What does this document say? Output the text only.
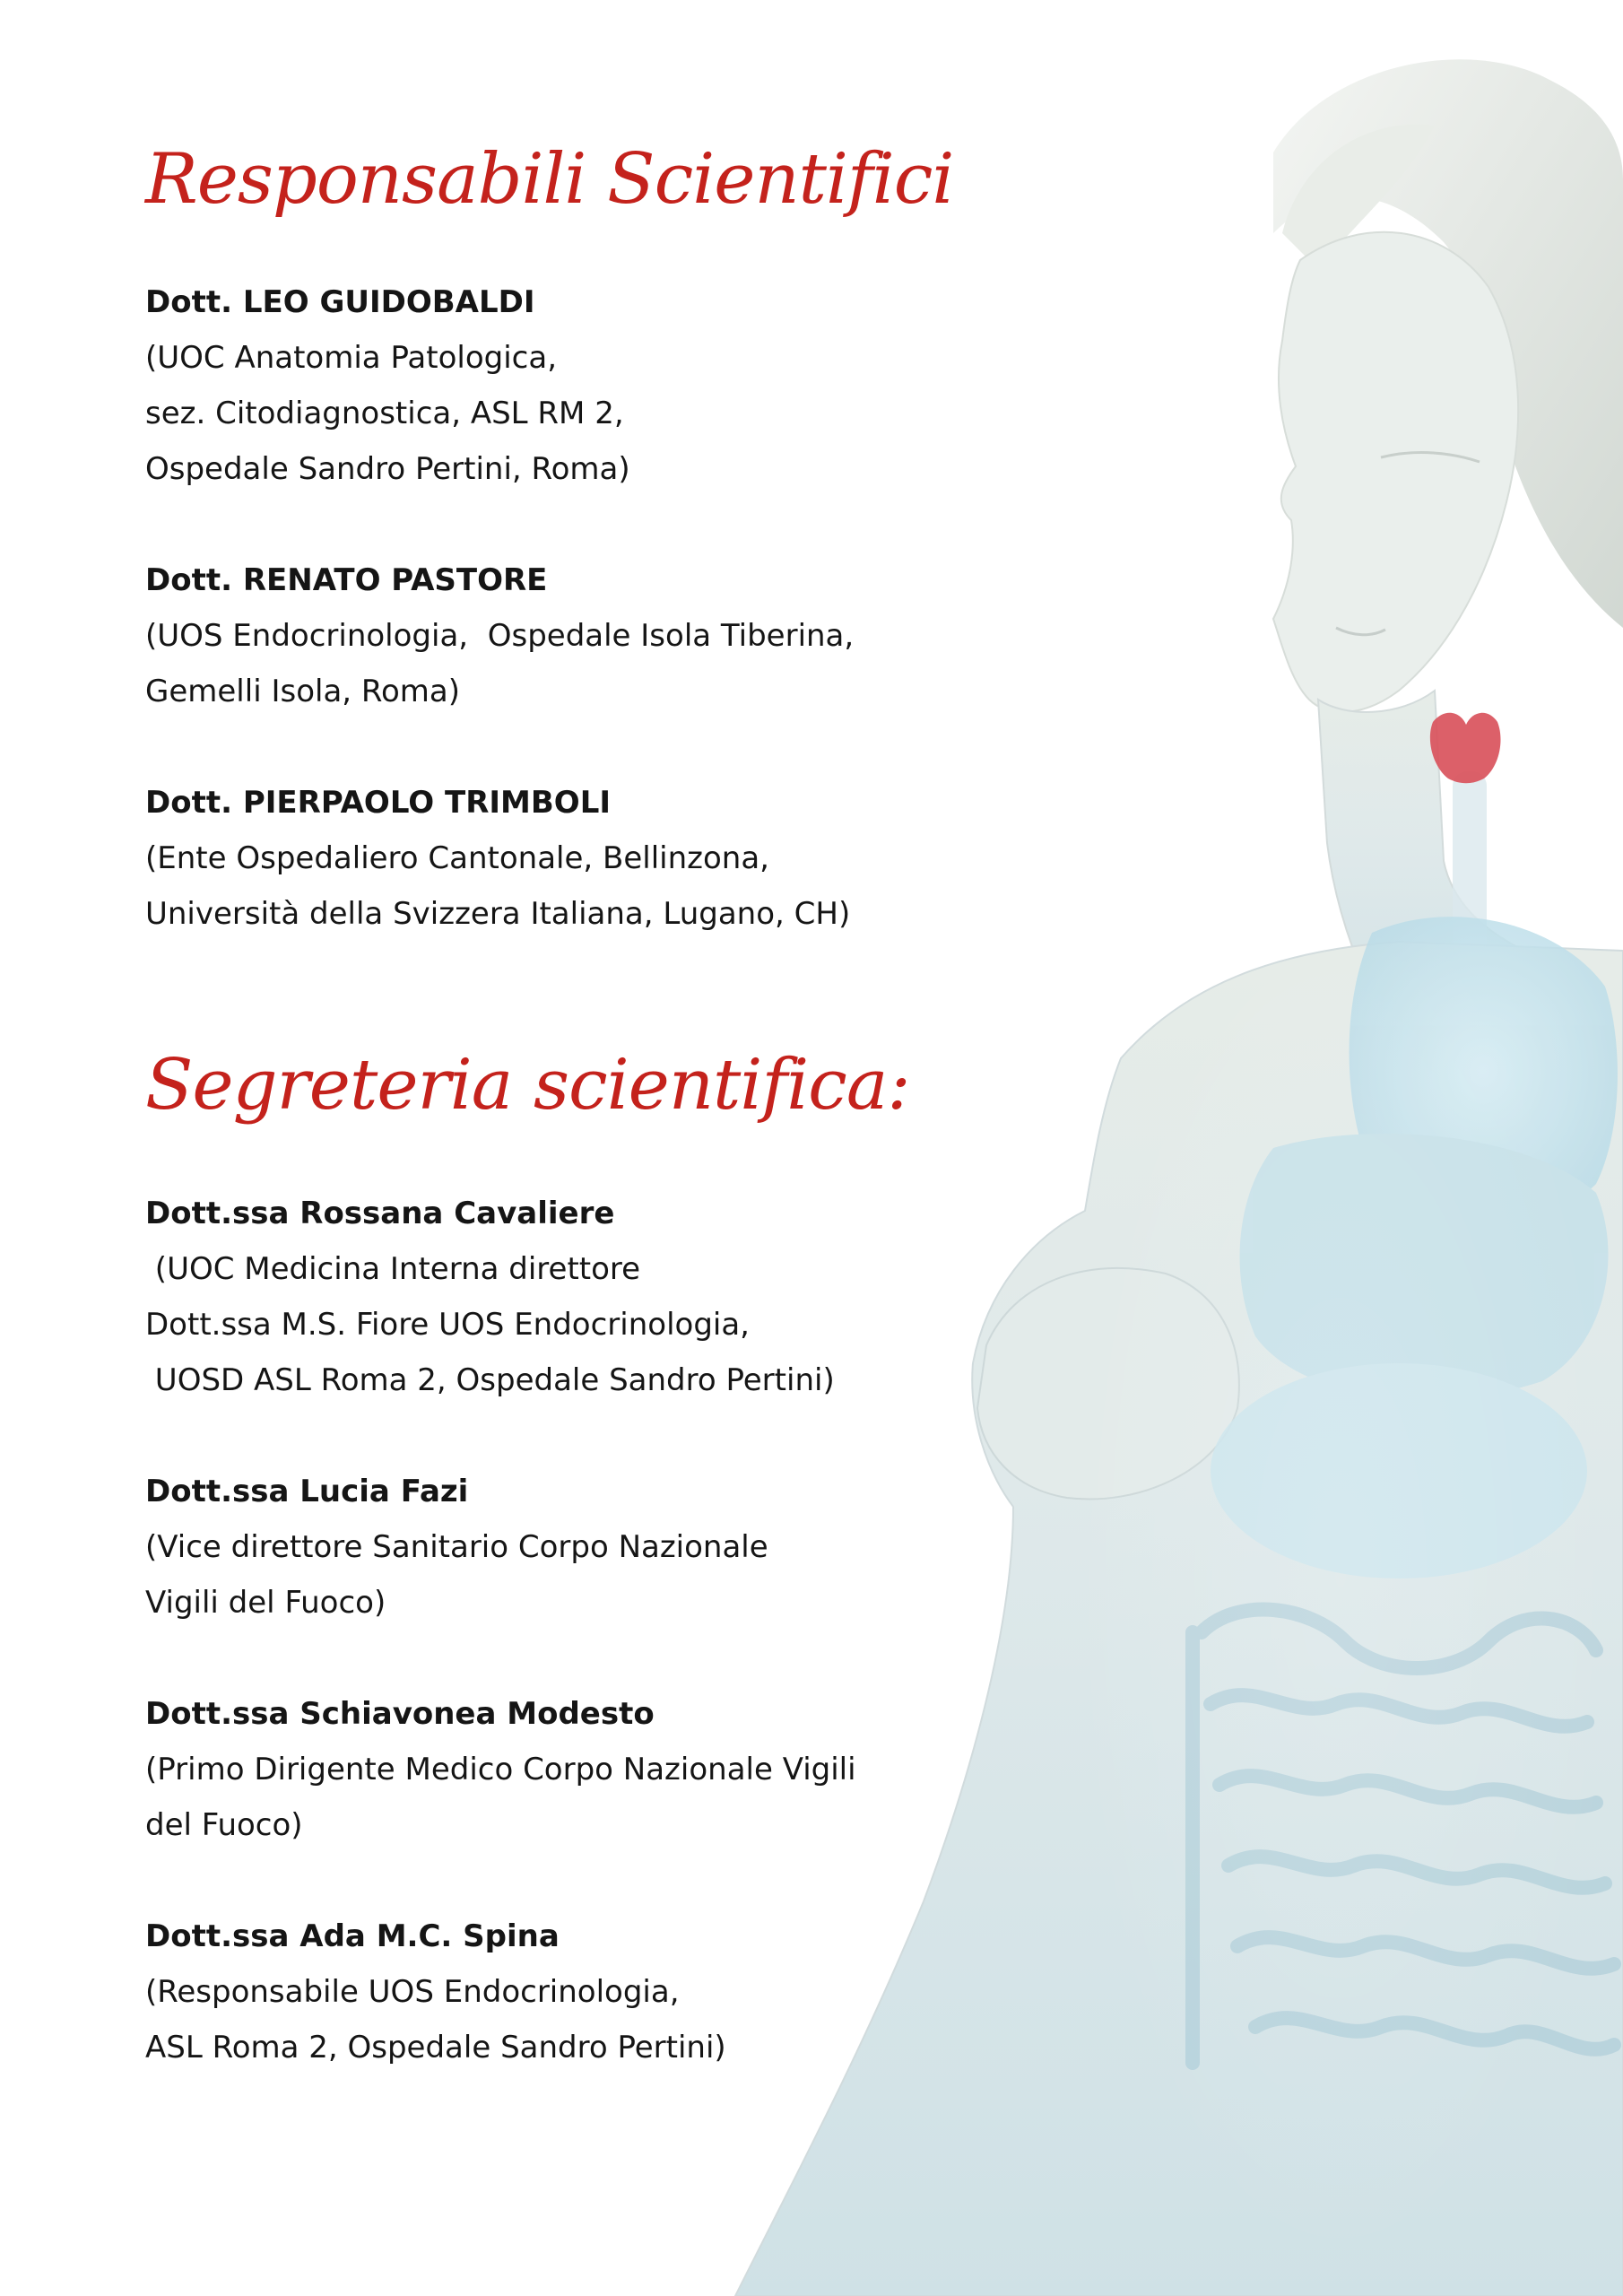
Responsabili Scientifici
Dott. LEO GUIDOBALDI
(UOC Anatomia Patologica,
sez. Citodiagnostica, ASL RM 2,
Ospedale Sandro Pertini, Roma)
Dott. RENATO PASTORE
(UOS Endocrinologia,  Ospedale Isola Tiberina,
Gemelli Isola, Roma)
Dott. PIERPAOLO TRIMBOLI
(Ente Ospedaliero Cantonale, Bellinzona,
Università della Svizzera Italiana, Lugano, CH)
Segreteria scientifica:
Dott.ssa Rossana Cavaliere
(UOC Medicina Interna direttore
Dott.ssa M.S. Fiore UOS Endocrinologia,
UOSD ASL Roma 2, Ospedale Sandro Pertini)
Dott.ssa Lucia Fazi
(Vice direttore Sanitario Corpo Nazionale
Vigili del Fuoco)
Dott.ssa Schiavonea Modesto
(Primo Dirigente Medico Corpo Nazionale Vigili
del Fuoco)
Dott.ssa Ada M.C. Spina
(Responsabile UOS Endocrinologia,
ASL Roma 2, Ospedale Sandro Pertini)
